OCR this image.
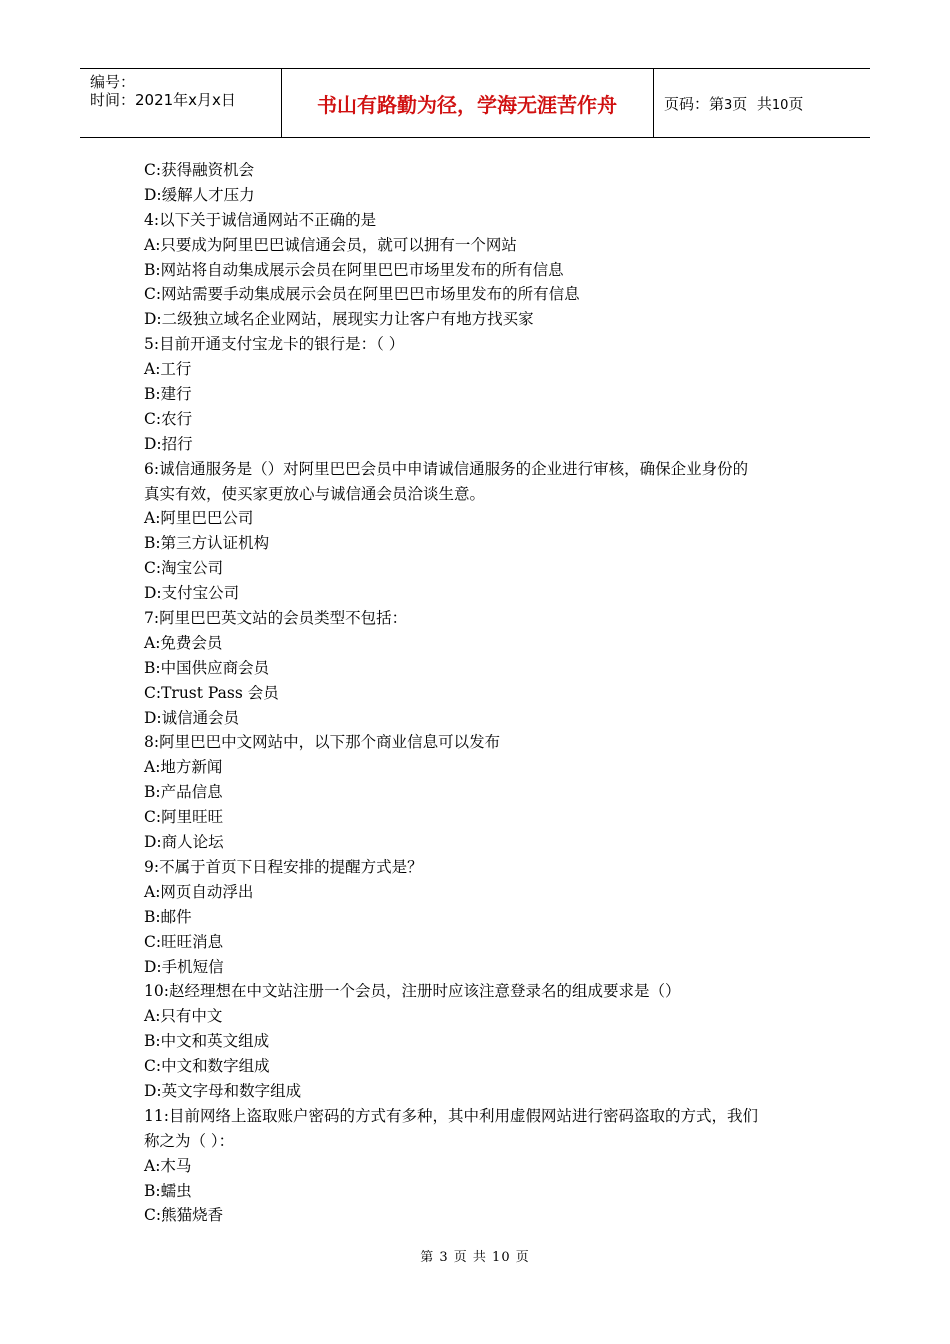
编号：
时间：2021年x月x日	书山有路勤为径，学海无涯苦作舟	页码：第3页  共10页
C:获得融资机会
D:缓解人才压力
4:以下关于诚信通网站不正确的是
A:只要成为阿里巴巴诚信通会员，就可以拥有一个网站
B:网站将自动集成展示会员在阿里巴巴市场里发布的所有信息
C:网站需要手动集成展示会员在阿里巴巴市场里发布的所有信息
D:二级独立域名企业网站，展现实力让客户有地方找买家
5:目前开通支付宝龙卡的银行是：（ ）
A:工行
B:建行
C:农行
D:招行
6:诚信通服务是（）对阿里巴巴会员中申请诚信通服务的企业进行审核，确保企业身份的
真实有效，使买家更放心与诚信通会员洽谈生意。
A:阿里巴巴公司
B:第三方认证机构
C:淘宝公司
D:支付宝公司
7:阿里巴巴英文站的会员类型不包括：
A:免费会员
B:中国供应商会员
C:Trust Pass 会员
D:诚信通会员
8:阿里巴巴中文网站中，以下那个商业信息可以发布
A:地方新闻
B:产品信息
C:阿里旺旺
D:商人论坛
9:不属于首页下日程安排的提醒方式是？
A:网页自动浮出
B:邮件
C:旺旺消息
D:手机短信
10:赵经理想在中文站注册一个会员，注册时应该注意登录名的组成要求是（）
A:只有中文
B:中文和英文组成
C:中文和数字组成
D:英文字母和数字组成
11:目前网络上盗取账户密码的方式有多种，其中利用虚假网站进行密码盗取的方式，我们
称之为（ ）：
A:木马
B:蠕虫
C:熊猫烧香
第 3 页 共 10 页
